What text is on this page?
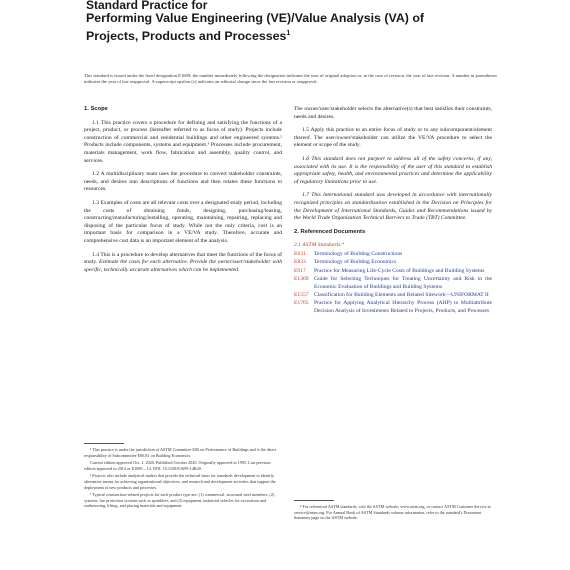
Standard Practice for
Performing Value Engineering (VE)/Value Analysis (VA) of
Projects, Products and Processes$^1$
This standard is issued under the fixed designation E1699; the number immediately following the designation indicates the year of original adoption or, in the case of revision, the year of last revision. A number in parentheses indicates the year of last reapproval. A superscript epsilon (ε) indicates an editorial change since the last revision or reapproval.
1. Scope

1.1 This practice covers a procedure for defining and satisfying the functions of a project, product, or process (hereafter referred to as focus of study). Projects include construction of commercial and residential buildings and other engineered systems.² Products include components, systems and equipment.³ Processes include procurement, materials management, work flow, fabrication and assembly, quality control, and services.

1.2 A multidisciplinary team uses the procedure to convert stakeholder constraints, needs, and desires into descriptions of functions and then relates these functions to resources.

1.3 Examples of costs are all relevant costs over a designated study period, including the costs of obtaining funds, designing, purchasing/leasing, constructing/manufacturing/installing, operating, maintaining, repairing, replacing and disposing of the particular focus of study. While not the only criteria, cost is an important basis for comparison in a VE/VA study. Therefore, accurate and comprehensive cost data is an important element of the analysis.

1.4 This is a procedure to develop alternatives that meet the functions of the focus of study. Estimate the costs for each alternative. Provide the owner/user/stakeholder with specific, technically accurate alternatives which can be implemented.

The owner/user/stakeholder selects the alternative(s) that best satisfies their constraints, needs and desires.

1.5 Apply this practice to an entire focus of study or to any subcomponent/element thereof. The user/owner/stakeholder can utilize the VE/VA procedure to select the element or scope of the study.

1.6 This standard does not purport to address all of the safety concerns, if any, associated with its use. It is the responsibility of the user of this standard to establish appropriate safety, health, and environmental practices and determine the applicability of regulatory limitations prior to use.

1.7 This international standard was developed in accordance with internationally recognized principles on standardization established in the Decision on Principles for the Development of International Standards, Guides and Recommendations issued by the World Trade Organization Technical Barriers to Trade (TBT) Committee.

2. Referenced Documents
2.1 ASTM Standards:⁴
E631	Terminology of Building Constructions
E833	Terminology of Building Economics
E917	Practice for Measuring Life-Cycle Costs of Buildings and Building Systems
E1369 Guide for Selecting Techniques for Treating Uncertainty and Risk in the Economic Evaluation of Buildings and Building Systems
E1557 Classification for Building Elements and Related Sitework—UNIFORMAT II
E1765 Practice for Applying Analytical Hierarchy Process (AHP) to Multiattribute Decision Analysis of Investments Related to Projects, Products, and Processes

¹ This practice is under the jurisdiction of ASTM Committee E06 on Performance of Buildings and is the direct responsibility of Subcommittee E06.81 on Building Economics.

Current edition approved Oct. 1, 2020. Published October 2020. Originally approved in 1995. Last previous edition approved in 2014 as E1699 – 14. DOI: 10.1520/E1699-14R20.

² Projects also include analytical studies that provide the technical basis for standards development or identify alternative means for achieving organizational objectives, and research and development activities that support the deployment of new products and processes.

³ Typical construction-related projects for each product type are: (1) commercial, structural steel members, (2) systems, fire protection systems such as sprinklers, and (3) equipment, industrial vehicles for excavation and earthmoving, lifting, and placing materials and equipment.	⁴ For referenced ASTM standards, visit the ASTM website, www.astm.org, or contact ASTM Customer Service at service@astm.org. For Annual Book of ASTM Standards volume information, refer to the standard's Document Summary page on the ASTM website.
